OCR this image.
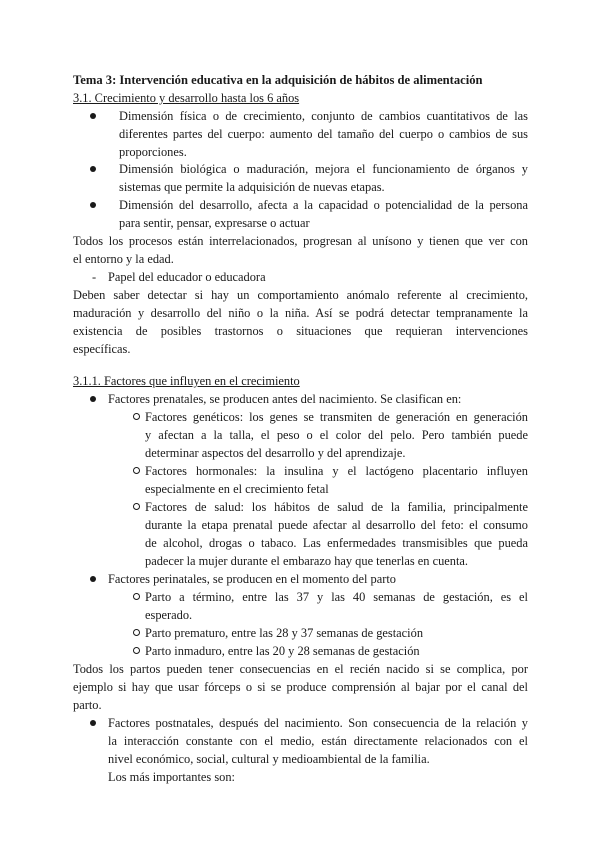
Tema 3: Intervención educativa en la adquisición de hábitos de alimentación
3.1. Crecimiento y desarrollo hasta los 6 años
Dimensión física o de crecimiento, conjunto de cambios cuantitativos de las
diferentes partes del cuerpo: aumento del tamaño del cuerpo o cambios de sus
proporciones.
Dimensión biológica o maduración, mejora el funcionamiento de órganos y
sistemas que permite la adquisición de nuevas etapas.
Dimensión del desarrollo, afecta a la capacidad o potencialidad de la persona
para sentir, pensar, expresarse o actuar
Todos los procesos están interrelacionados, progresan al unísono y tienen que ver con
el entorno y la edad.
- Papel del educador o educadora
Deben saber detectar si hay un comportamiento anómalo referente al crecimiento,
maduración y desarrollo del niño o la niña. Así se podrá detectar tempranamente la
existencia de posibles trastornos o situaciones que requieran intervenciones
específicas.
3.1.1. Factores que influyen en el crecimiento
Factores prenatales, se producen antes del nacimiento. Se clasifican en:
Factores genéticos: los genes se transmiten de generación en generación
y afectan a la talla, el peso o el color del pelo. Pero también puede
determinar aspectos del desarrollo y del aprendizaje.
Factores hormonales: la insulina y el lactógeno placentario influyen
especialmente en el crecimiento fetal
Factores de salud: los hábitos de salud de la familia, principalmente
durante la etapa prenatal puede afectar al desarrollo del feto: el consumo
de alcohol, drogas o tabaco. Las enfermedades transmisibles que pueda
padecer la mujer durante el embarazo hay que tenerlas en cuenta.
Factores perinatales, se producen en el momento del parto
Parto a término, entre las 37 y las 40 semanas de gestación, es el
esperado.
Parto prematuro, entre las 28 y 37 semanas de gestación
Parto inmaduro, entre las 20 y 28 semanas de gestación
Todos los partos pueden tener consecuencias en el recién nacido si se complica, por
ejemplo si hay que usar fórceps o si se produce comprensión al bajar por el canal del
parto.
Factores postnatales, después del nacimiento. Son consecuencia de la relación y
la interacción constante con el medio, están directamente relacionados con el
nivel económico, social, cultural y medioambiental de la familia.
Los más importantes son:
